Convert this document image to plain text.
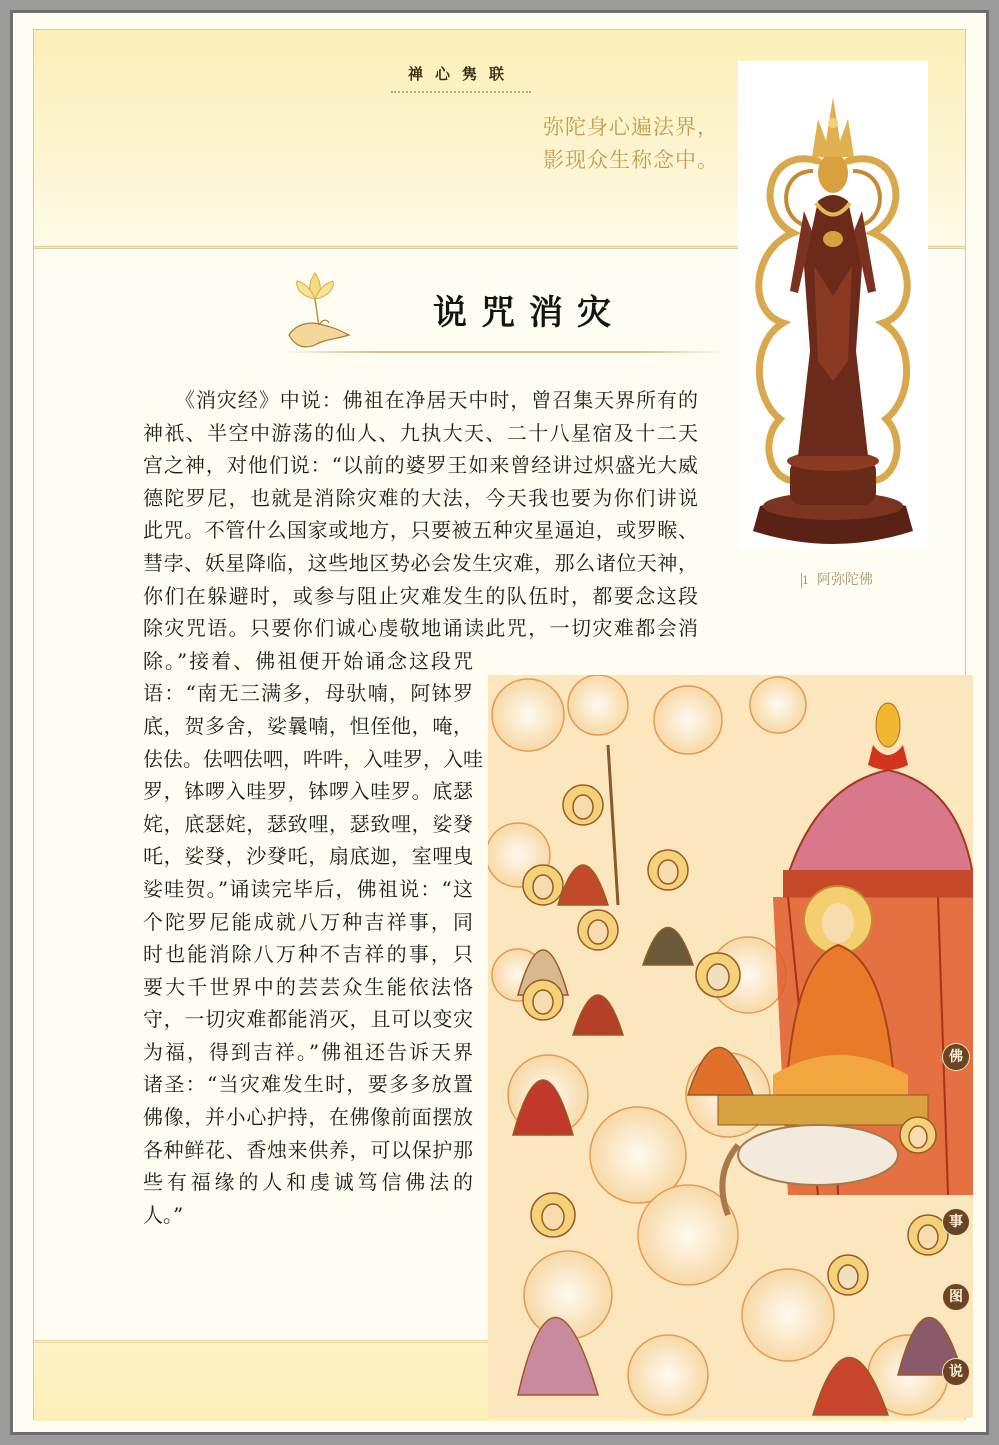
禅心隽联
弥陀身心遍法界，
影现众生称念中。
1 阿弥陀佛
说咒消灾
《消灾经》中说：佛祖在净居天中时，曾召集天界所有的
神祇、半空中游荡的仙人、九执大天、二十八星宿及十二天
宫之神，对他们说：“以前的婆罗王如来曾经讲过炽盛光大威
德陀罗尼，也就是消除灾难的大法，今天我也要为你们讲说
此咒。不管什么国家或地方，只要被五种灾星逼迫，或罗睺、
彗孛、妖星降临，这些地区势必会发生灾难，那么诸位天神，
你们在躲避时，或参与阻止灾难发生的队伍时，都要念这段
除灾咒语。只要你们诚心虔敬地诵读此咒，一切灾难都会消
除。”接着、佛祖便开始诵念这段咒
语：“南无三满多，母驮喃，阿钵罗
底，贺多舍，娑曩喃，怛侄他，唵，
佉佉。佉呬佉呬，吽吽，入哇罗，入哇
罗，钵啰入哇罗，钵啰入哇罗。底瑟
姹，底瑟姹，瑟致哩，瑟致哩，娑癹
吒，娑癹，沙癹吒，扇底迦，室哩曳
娑哇贺。”诵读完毕后，佛祖说：“这
个陀罗尼能成就八万种吉祥事，同
时也能消除八万种不吉祥的事，只
要大千世界中的芸芸众生能依法恪
守，一切灾难都能消灭，且可以变灾
为福，得到吉祥。”佛祖还告诉天界
诸圣：“当灾难发生时，要多多放置
佛像，并小心护持，在佛像前面摆放
各种鲜花、香烛来供养，可以保护那
些有福缘的人和虔诚笃信佛法的
人。”
佛
事
图
说
